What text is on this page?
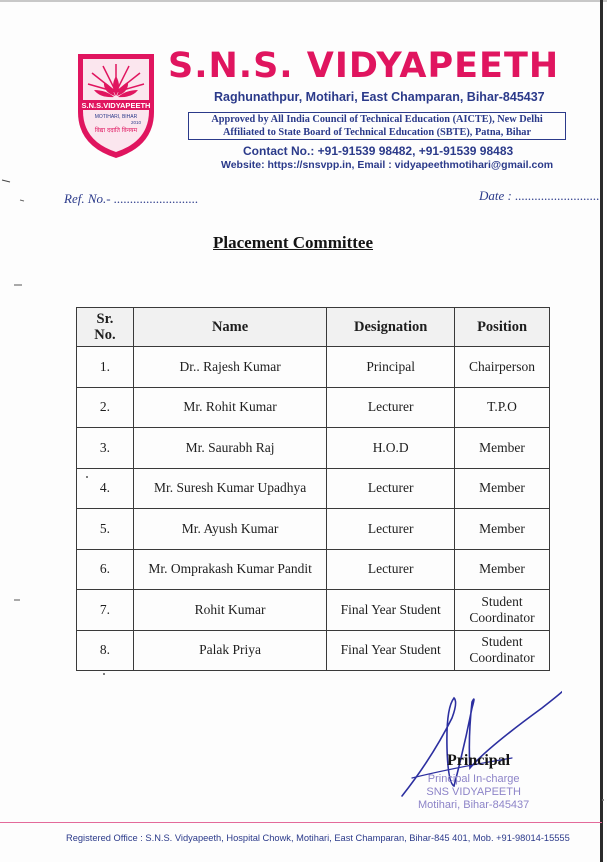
S.N.S.VIDYAPEETH
MOTIHARI, BIHAR
विद्या ददाति विनयम
2010
S.N.S. VIDYAPEETH
Raghunathpur, Motihari, East Champaran, Bihar-845437
Approved by All India Council of Technical Education (AICTE), New Delhi
Affiliated to State Board of Technical Education (SBTE), Patna, Bihar
Contact No.: +91-91539 98482, +91-91539 98483
Website: https://snsvpp.in, Email : vidyapeethmotihari@gmail.com
Ref. No.- ..........................	Date : ..........................
Placement Committee
Sr.
No.	Name	Designation	Position
1.	Dr.. Rajesh Kumar	Principal	Chairperson
2.	Mr. Rohit Kumar	Lecturer	T.P.O
3.	Mr. Saurabh Raj	H.O.D	Member
4.	Mr. Suresh Kumar Upadhya	Lecturer	Member
5.	Mr. Ayush Kumar	Lecturer	Member
6.	Mr. Omprakash Kumar Pandit	Lecturer	Member
7.	Rohit Kumar	Final Year Student	Student
Coordinator
8.	Palak Priya	Final Year Student	Student
Coordinator
Principal
Principal In-charge
SNS VIDYAPEETH
Motihari, Bihar-845437
Registered Office : S.N.S. Vidyapeeth, Hospital Chowk, Motihari, East Champaran, Bihar-845 401, Mob. +91-98014-15555
